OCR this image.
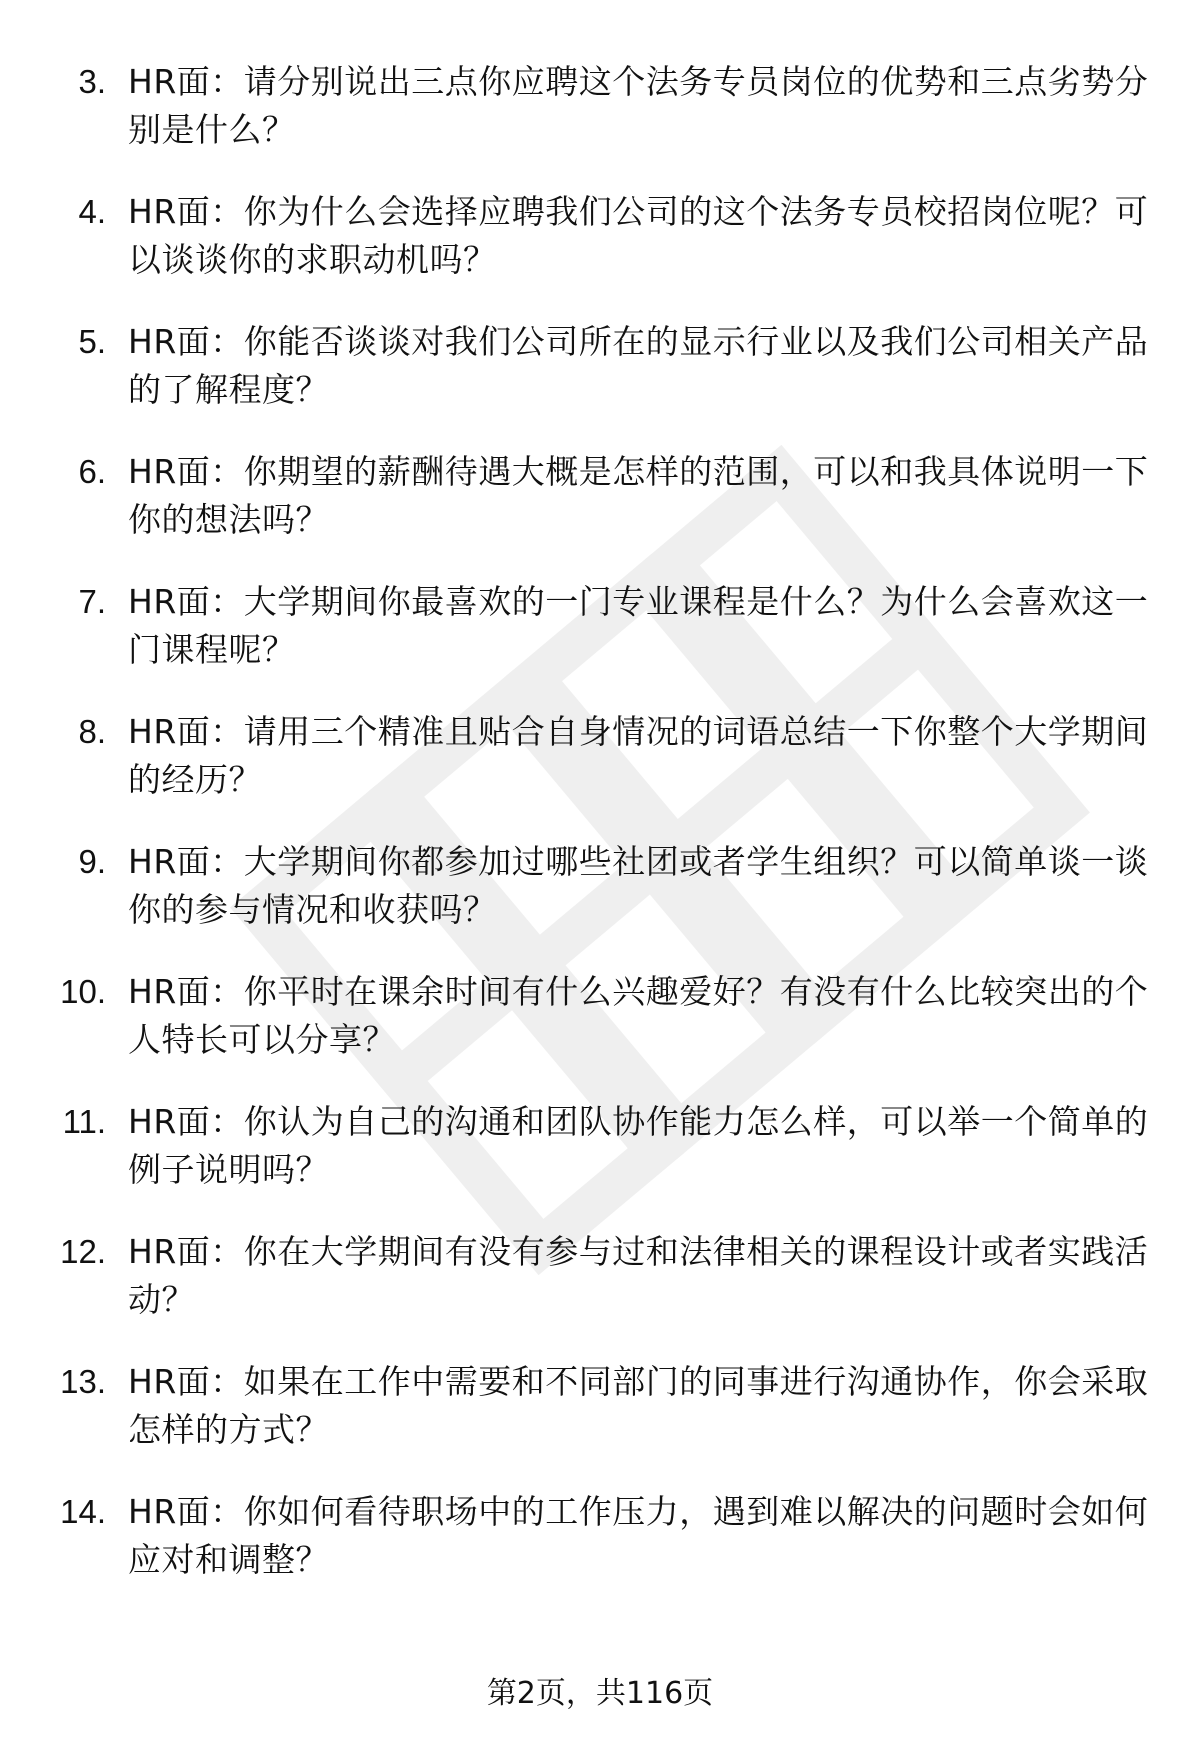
3. HR面：请分别说出三点你应聘这个法务专员岗位的优势和三点劣势分别是什么？
4. HR面：你为什么会选择应聘我们公司的这个法务专员校招岗位呢？可以谈谈你的求职动机吗？
5. HR面：你能否谈谈对我们公司所在的显示行业以及我们公司相关产品的了解程度？
6. HR面：你期望的薪酬待遇大概是怎样的范围，可以和我具体说明一下你的想法吗？
7. HR面：大学期间你最喜欢的一门专业课程是什么？为什么会喜欢这一门课程呢？
8. HR面：请用三个精准且贴合自身情况的词语总结一下你整个大学期间的经历？
9. HR面：大学期间你都参加过哪些社团或者学生组织？可以简单谈一谈你的参与情况和收获吗？
10. HR面：你平时在课余时间有什么兴趣爱好？有没有什么比较突出的个人特长可以分享？
11. HR面：你认为自己的沟通和团队协作能力怎么样，可以举一个简单的例子说明吗？
12. HR面：你在大学期间有没有参与过和法律相关的课程设计或者实践活动？
13. HR面：如果在工作中需要和不同部门的同事进行沟通协作，你会采取怎样的方式？
14. HR面：你如何看待职场中的工作压力，遇到难以解决的问题时会如何应对和调整？
第2页，共116页
